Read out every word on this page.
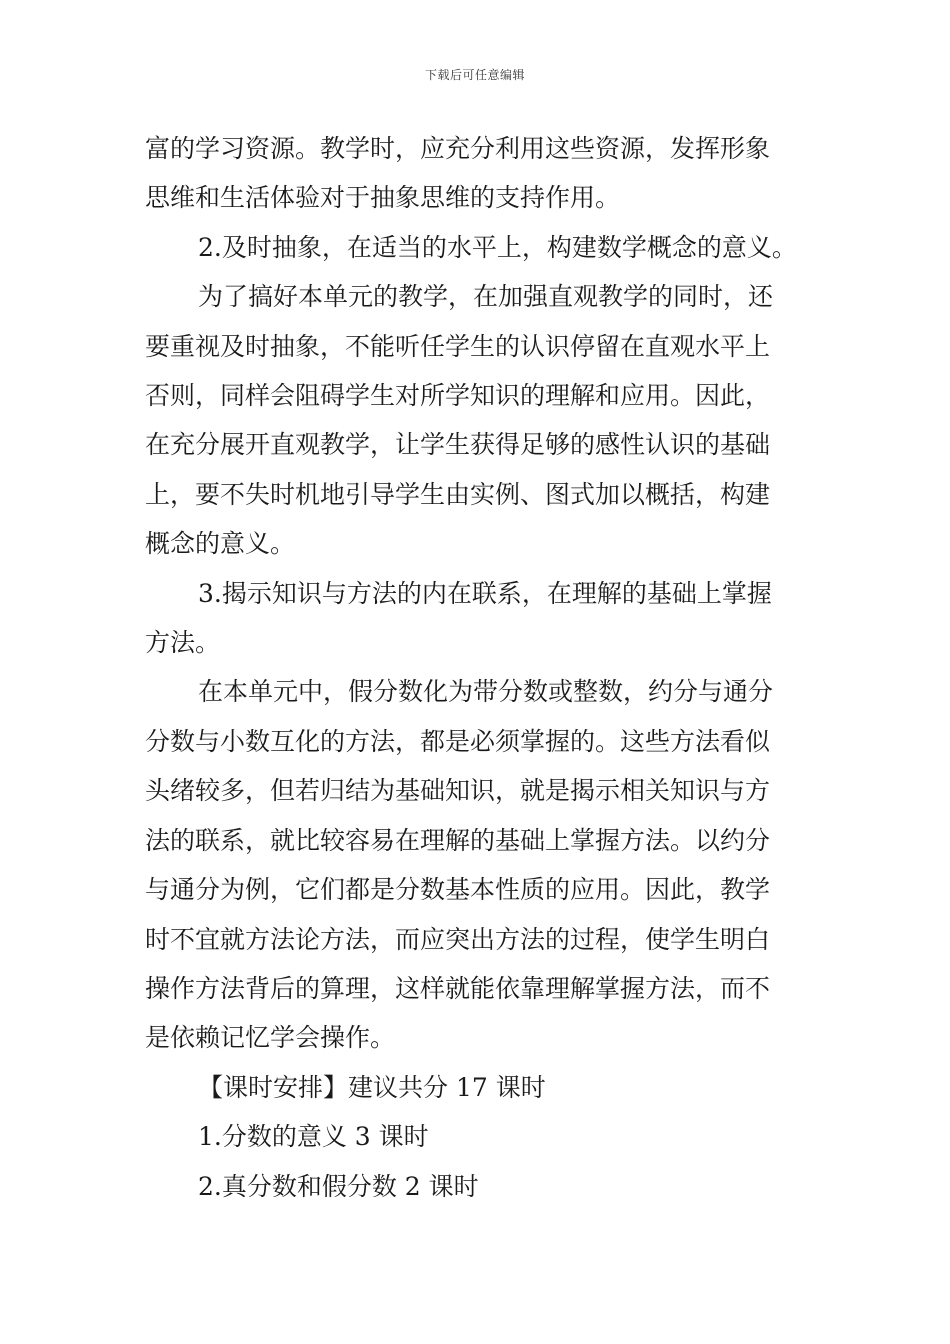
下载后可任意编辑

富的学习资源。教学时，应充分利用这些资源，发挥形象

思维和生活体验对于抽象思维的支持作用。

2.及时抽象，在适当的水平上，构建数学概念的意义。

为了搞好本单元的教学，在加强直观教学的同时，还

要重视及时抽象，不能听任学生的认识停留在直观水平上

否则，同样会阻碍学生对所学知识的理解和应用。因此，

在充分展开直观教学，让学生获得足够的感性认识的基础

上，要不失时机地引导学生由实例、图式加以概括，构建

概念的意义。

3.揭示知识与方法的内在联系，在理解的基础上掌握

方法。

在本单元中，假分数化为带分数或整数，约分与通分

分数与小数互化的方法，都是必须掌握的。这些方法看似

头绪较多，但若归结为基础知识，就是揭示相关知识与方

法的联系，就比较容易在理解的基础上掌握方法。以约分

与通分为例，它们都是分数基本性质的应用。因此，教学

时不宜就方法论方法，而应突出方法的过程，使学生明白

操作方法背后的算理，这样就能依靠理解掌握方法，而不

是依赖记忆学会操作。

【课时安排】建议共分 17 课时

1.分数的意义 3 课时

2.真分数和假分数 2 课时
